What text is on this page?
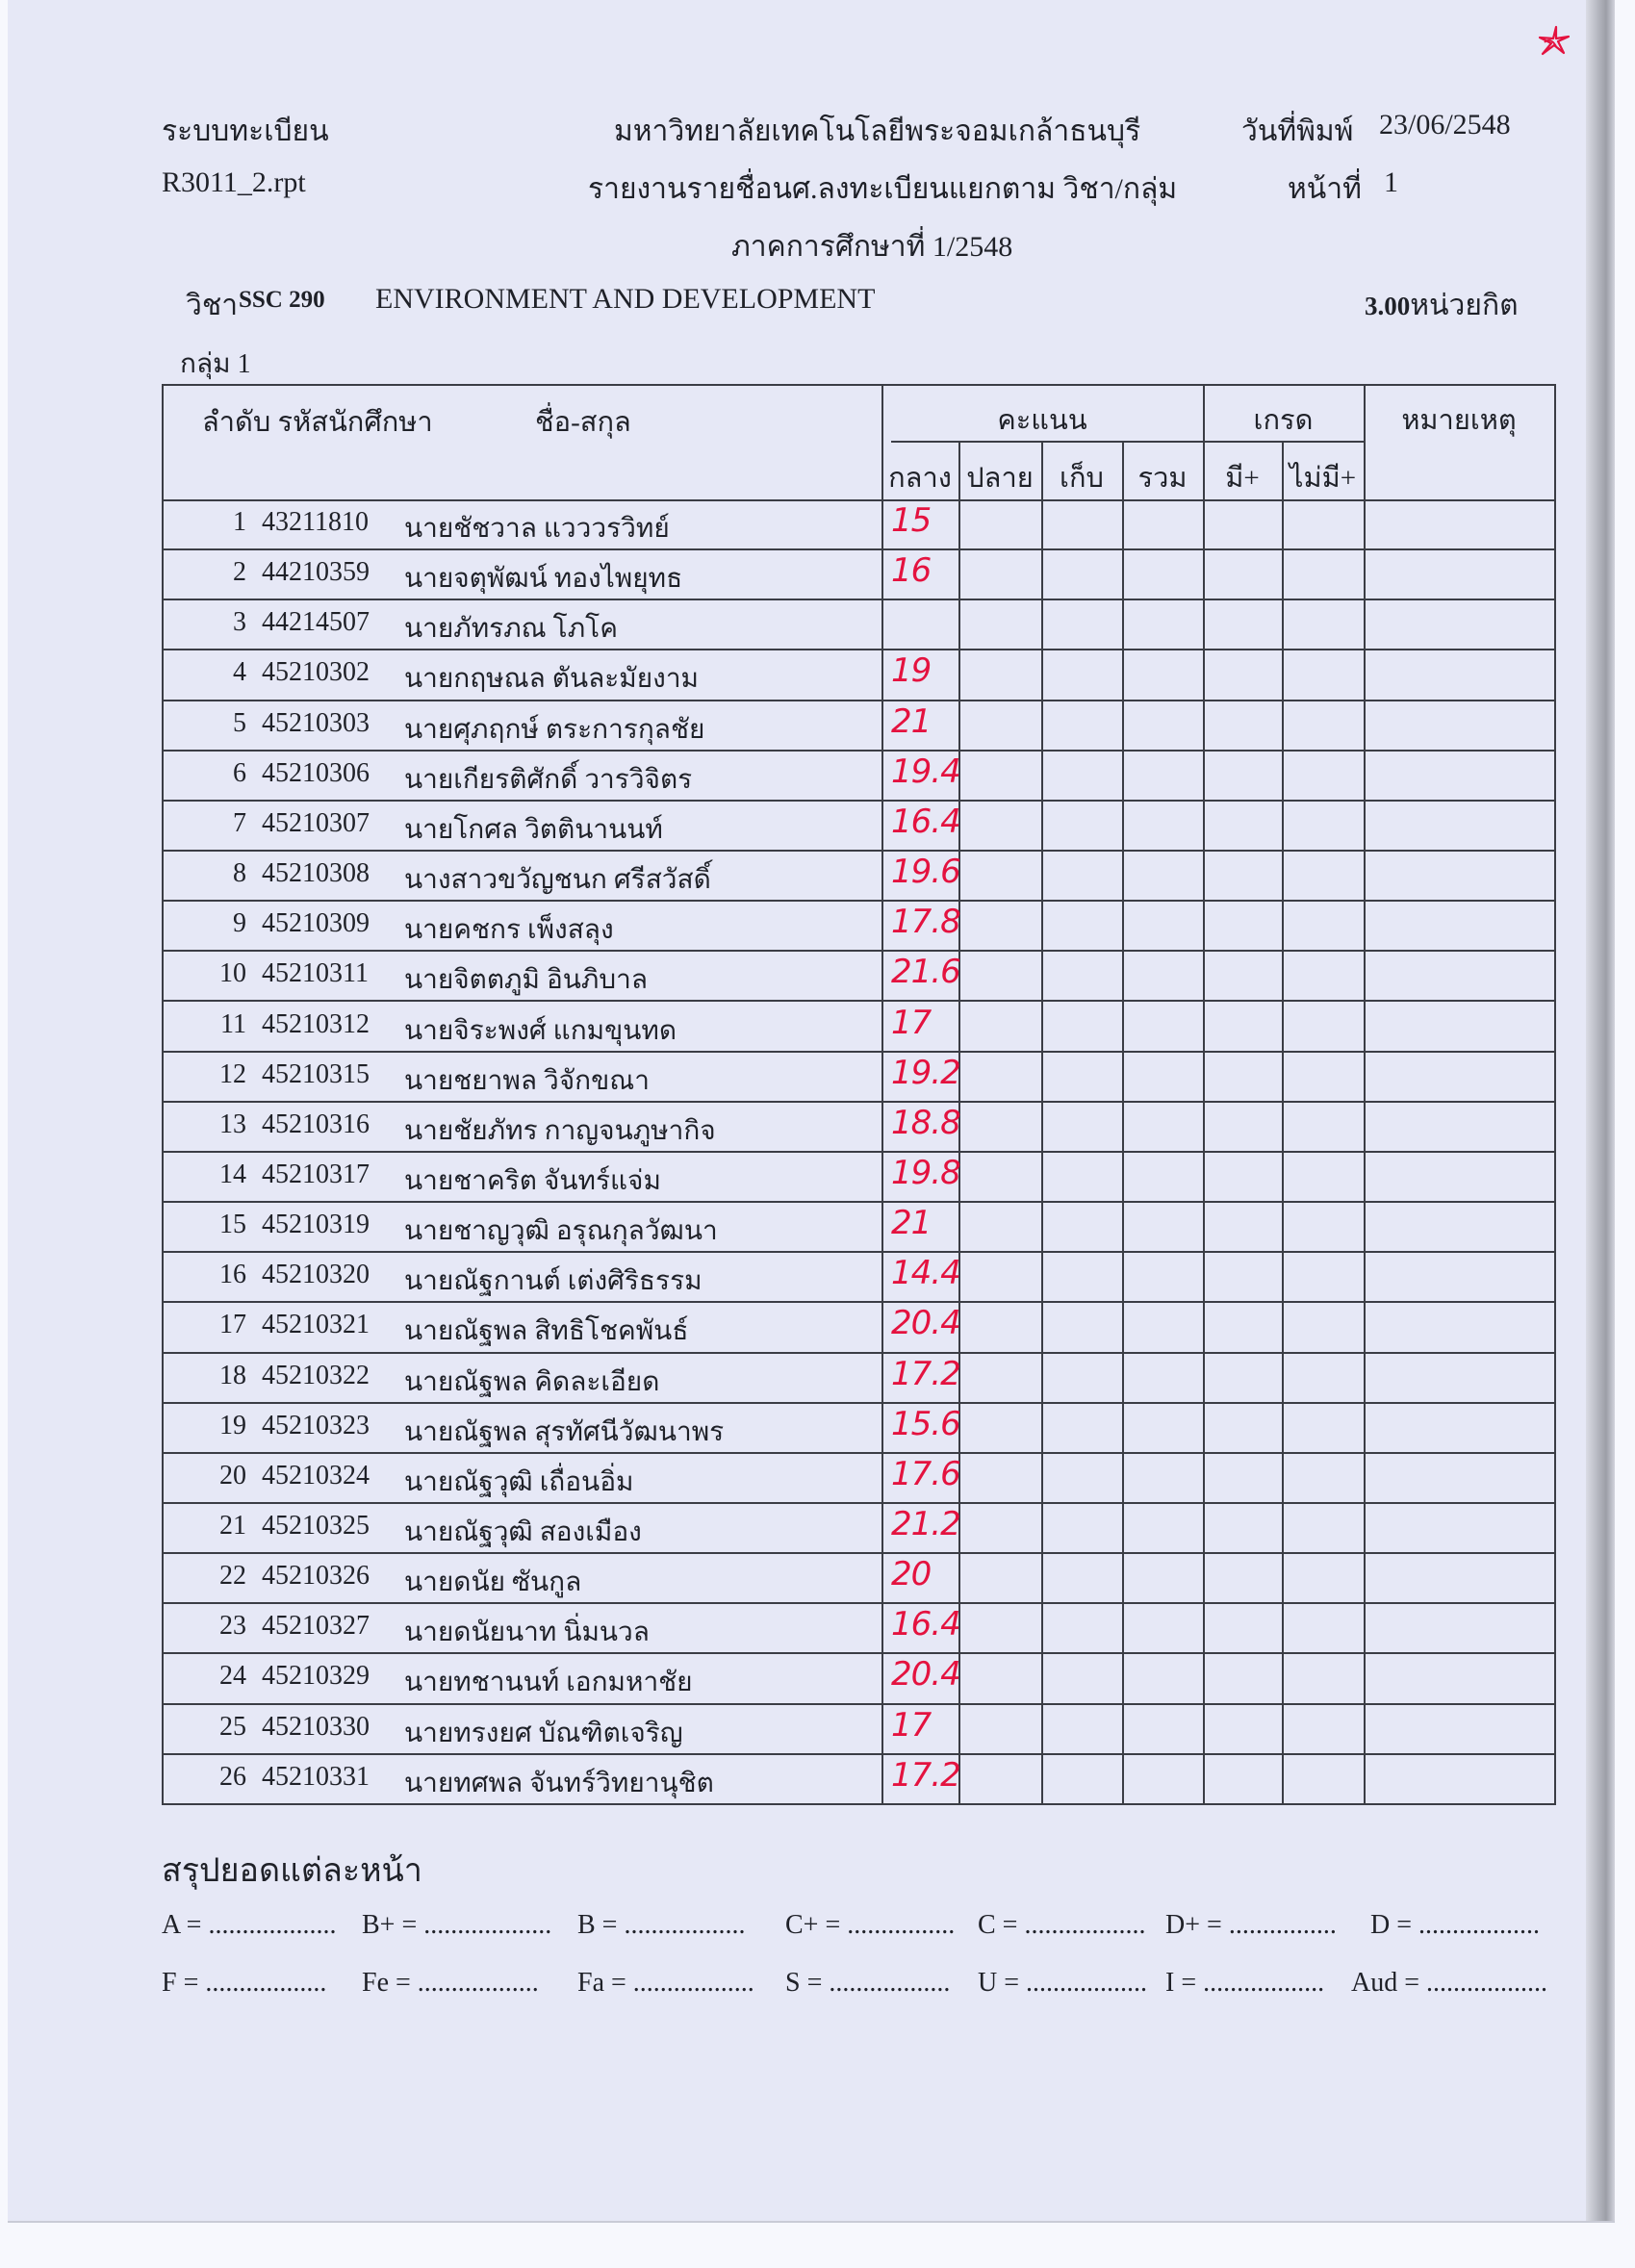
ระบบทะเบียน
R3011_2.rpt
มหาวิทยาลัยเทคโนโลยีพระจอมเกล้าธนบุรี
รายงานรายชื่อนศ.ลงทะเบียนแยกตาม วิชา/กลุ่ม
ภาคการศึกษาที่ 1/2548
วันที่พิมพ์ 23/06/2548
หน้าที่ 1
วิชา SSC 290 ENVIRONMENT AND DEVELOPMENT	3.00หน่วยกิต
กลุ่ม 1
ลำดับ รหัสนักศึกษา	ชื่อ-สกุล	คะแนน	เกรด	หมายเหตุ
กลาง ปลาย เก็บ	รวม	มี+	ไม่มี+
1 43211810 นายชัชวาล แวววรวิทย์	15
2 44210359 นายจตุพัฒน์ ทองไพยุทธ	16
3 44214507 นายภัทรภณ โภโค
4 45210302 นายกฤษณล ตันละมัยงาม	19
5 45210303 นายศุภฤกษ์ ตระการกุลชัย	21
6 45210306 นายเกียรติศักดิ์ วารวิจิตร	19.4
7 45210307 นายโกศล วิตตินานนท์	16.4
8 45210308 นางสาวขวัญชนก ศรีสวัสดิ์	19.6
9 45210309 นายคชกร เพ็งสลุง	17.8
10 45210311 นายจิตตภูมิ อินภิบาล	21.6
11 45210312 นายจิระพงศ์ แกมขุนทด	17
12 45210315 นายชยาพล วิจักขณา	19.2
13 45210316 นายชัยภัทร กาญจนภูษากิจ	18.8
14 45210317 นายชาคริต จันทร์แจ่ม	19.8
15 45210319 นายชาญวุฒิ อรุณกุลวัฒนา	21
16 45210320 นายณัฐกานต์ เต่งศิริธรรม	14.4
17 45210321 นายณัฐพล สิทธิโชคพันธ์	20.4
18 45210322 นายณัฐพล คิดละเอียด	17.2
19 45210323 นายณัฐพล สุรทัศนีวัฒนาพร	15.6
20 45210324 นายณัฐวุฒิ เถื่อนอิ่ม	17.6
21 45210325 นายณัฐวุฒิ สองเมือง	21.2
22 45210326 นายดนัย ซันกูล	20
23 45210327 นายดนัยนาท นิ่มนวล	16.4
24 45210329 นายทชานนท์ เอกมหาชัย	20.4
25 45210330 นายทรงยศ บัณฑิตเจริญ	17
26 45210331 นายทศพล จันทร์วิทยานุชิต	17.2
สรุปยอดแต่ละหน้า
A = ................... B+ = ................... B = .................. C+ = ................ C = .................. D+ = ................ D = ..................
F = .................. Fe = .................. Fa = .................. S = .................. U = .................. I = .................. Aud = ..................
